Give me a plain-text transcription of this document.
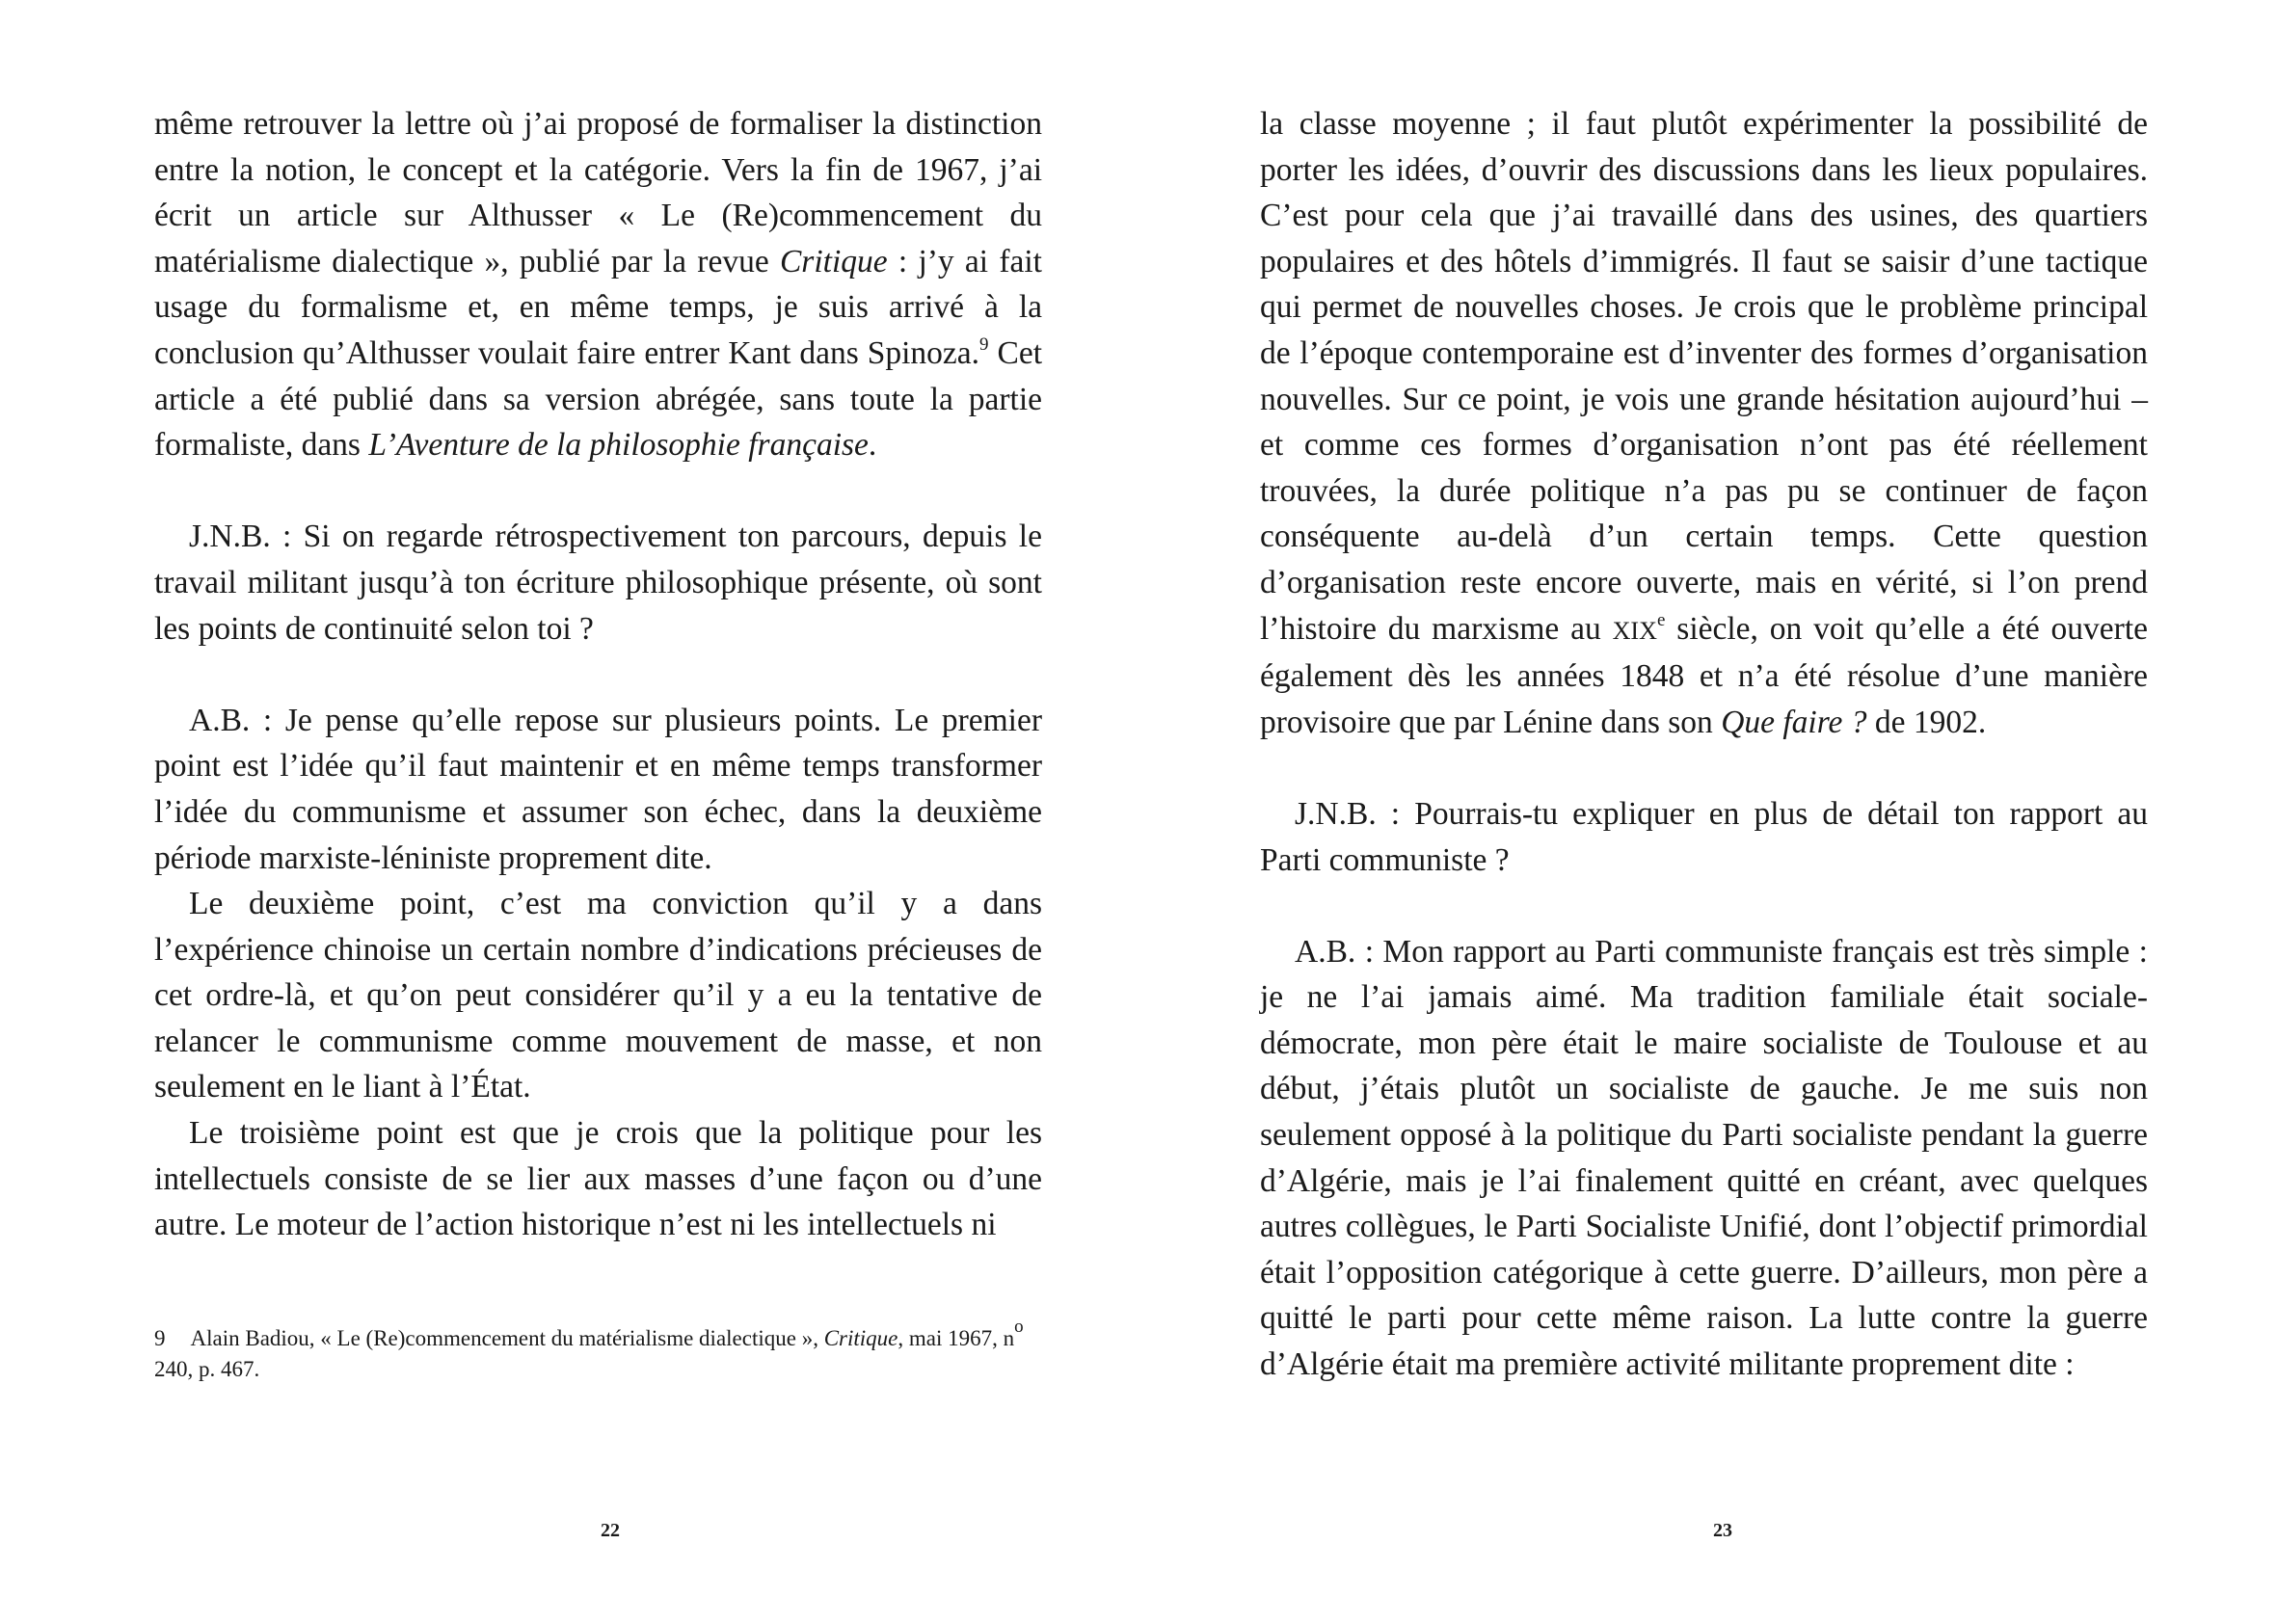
même retrouver la lettre où j’ai proposé de formaliser la distinction entre la notion, le concept et la catégorie. Vers la fin de 1967, j’ai écrit un article sur Althusser « Le (Re)commencement du matérialisme dialectique », publié par la revue Critique : j’y ai fait usage du formalisme et, en même temps, je suis arrivé à la conclusion qu’Althusser voulait faire entrer Kant dans Spinoza.$^9$ Cet article a été publié dans sa version abrégée, sans toute la partie formaliste, dans L’Aventure de la philosophie française.

J.N.B. : Si on regarde rétrospectivement ton parcours, depuis le travail militant jusqu’à ton écriture philosophique présente, où sont les points de continuité selon toi ?

A.B. : Je pense qu’elle repose sur plusieurs points. Le premier point est l’idée qu’il faut maintenir et en même temps transformer l’idée du communisme et assumer son échec, dans la deuxième période marxiste-léniniste proprement dite.

Le deuxième point, c’est ma conviction qu’il y a dans l’expérience chinoise un certain nombre d’indications précieuses de cet ordre-là, et qu’on peut considérer qu’il y a eu la tentative de relancer le communisme comme mouvement de masse, et non seulement en le liant à l’État.

Le troisième point est que je crois que la politique pour les intellectuels consiste de se lier aux masses d’une façon ou d’une autre. Le moteur de l’action historique n’est ni les intellectuels ni

9 Alain Badiou, « Le (Re)commencement du matérialisme dialectique », Critique, mai 1967, $n^o$ 240, p. 467.
22

la classe moyenne ; il faut plutôt expérimenter la possibilité de porter les idées, d’ouvrir des discussions dans les lieux populaires. C’est pour cela que j’ai travaillé dans des usines, des quartiers populaires et des hôtels d’immigrés. Il faut se saisir d’une tactique qui permet de nouvelles choses. Je crois que le problème principal de l’époque contemporaine est d’inventer des formes d’organisation nouvelles. Sur ce point, je vois une grande hésitation aujourd’hui – et comme ces formes d’organisation n’ont pas été réellement trouvées, la durée politique n’a pas pu se continuer de façon conséquente au-delà d’un certain temps. Cette question d’organisation reste encore ouverte, mais en vérité, si l’on prend l’histoire du marxisme au XIXe siècle, on voit qu’elle a été ouverte également dès les années 1848 et n’a été résolue d’une manière provisoire que par Lénine dans son Que faire ? de 1902.

J.N.B. : Pourrais-tu expliquer en plus de détail ton rapport au Parti communiste ?

A.B. : Mon rapport au Parti communiste français est très simple : je ne l’ai jamais aimé. Ma tradition familiale était sociale-démocrate, mon père était le maire socialiste de Toulouse et au début, j’étais plutôt un socialiste de gauche. Je me suis non seulement opposé à la politique du Parti socialiste pendant la guerre d’Algérie, mais je l’ai finalement quitté en créant, avec quelques autres collègues, le Parti Socialiste Unifié, dont l’objectif primordial était l’opposition catégorique à cette guerre. D’ailleurs, mon père a quitté le parti pour cette même raison. La lutte contre la guerre d’Algérie était ma première activité militante proprement dite :

23
